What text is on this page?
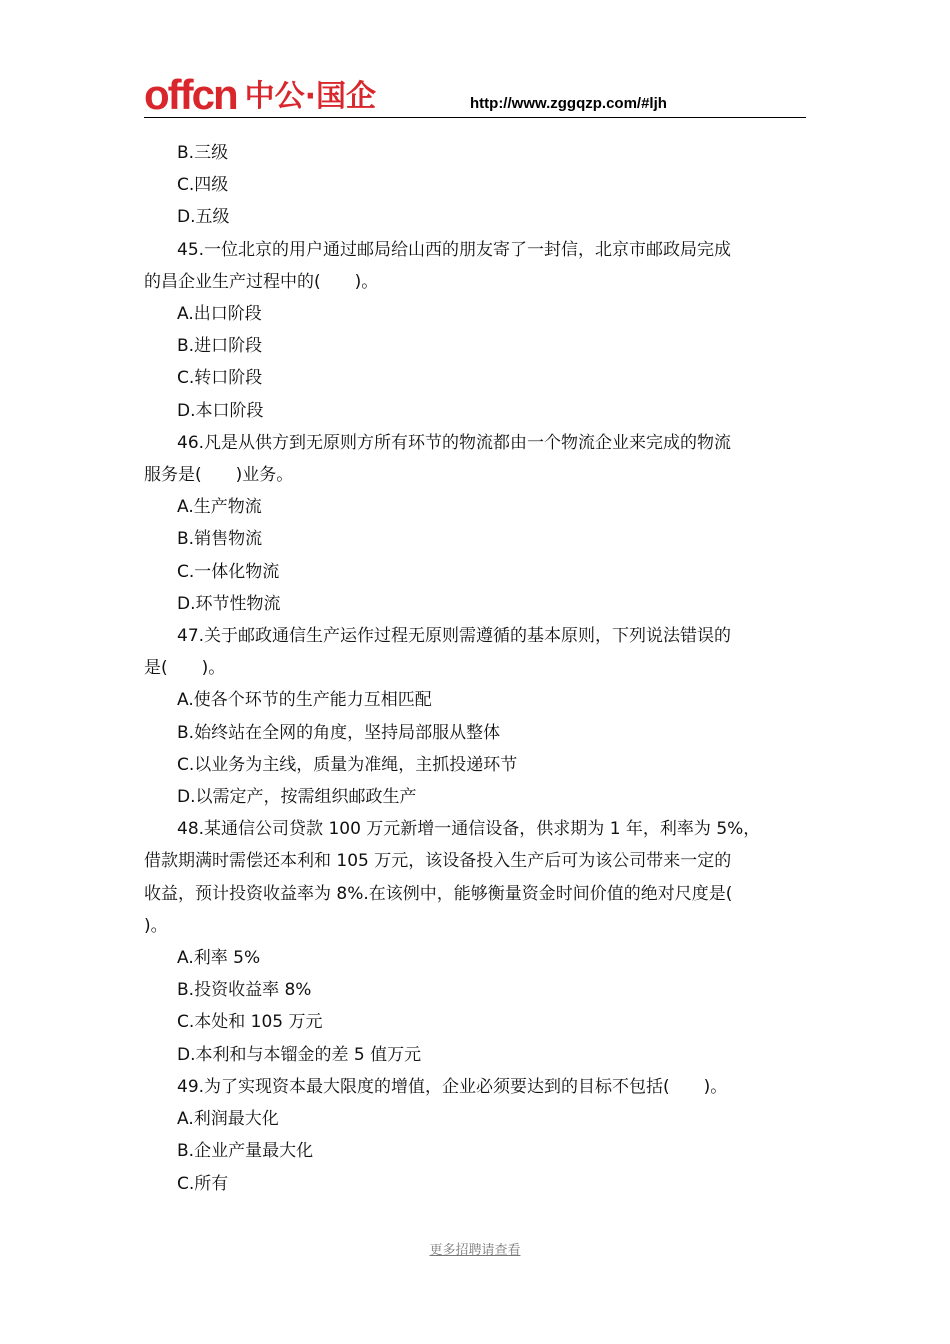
offcn 中公·国企	http://www.zggqzp.com/#ljh
B.三级
C.四级
D.五级
45.一位北京的用户通过邮局给山西的朋友寄了一封信，北京市邮政局完成
的昌企业生产过程中的(　　)。
A.出口阶段
B.进口阶段
C.转口阶段
D.本口阶段
46.凡是从供方到无原则方所有环节的物流都由一个物流企业来完成的物流
服务是(　　)业务。
A.生产物流
B.销售物流
C.一体化物流
D.环节性物流
47.关于邮政通信生产运作过程无原则需遵循的基本原则，下列说法错误的
是(　　)。
A.使各个环节的生产能力互相匹配
B.始终站在全网的角度，坚持局部服从整体
C.以业务为主线，质量为准绳，主抓投递环节
D.以需定产，按需组织邮政生产
48.某通信公司贷款 100 万元新增一通信设备，供求期为 1 年，利率为 5%，
借款期满时需偿还本利和 105 万元，该设备投入生产后可为该公司带来一定的
收益，预计投资收益率为 8%.在该例中，能够衡量资金时间价值的绝对尺度是(
)。
A.利率 5%
B.投资收益率 8%
C.本处和 105 万元
D.本利和与本镏金的差 5 值万元
49.为了实现资本最大限度的增值，企业必须要达到的目标不包括(　　)。
A.利润最大化
B.企业产量最大化
C.所有
更多招聘请查看
